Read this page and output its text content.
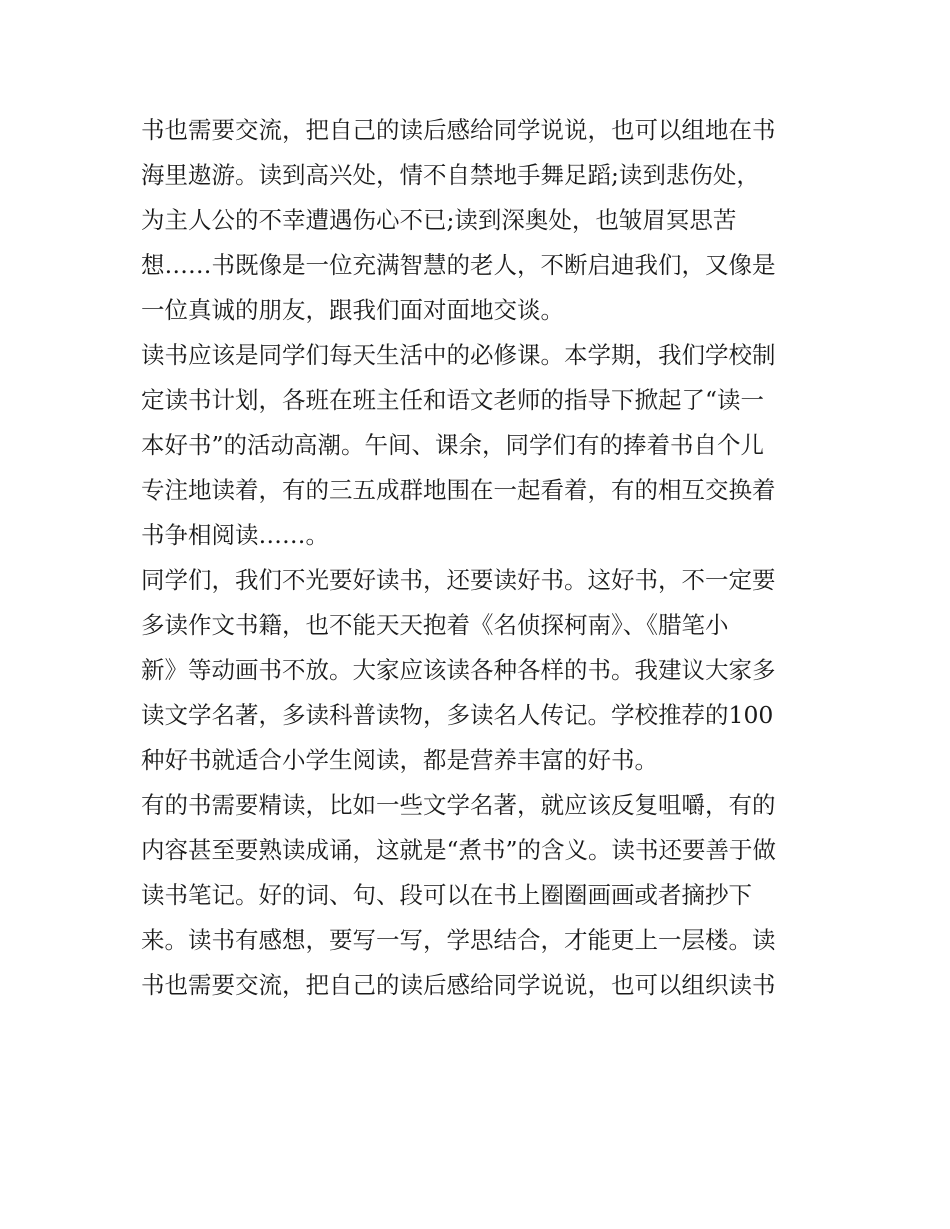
书也需要交流，把自己的读后感给同学说说，也可以组地在书
海里遨游。读到高兴处，情不自禁地手舞足蹈;读到悲伤处，
为主人公的不幸遭遇伤心不已;读到深奥处，也皱眉冥思苦
想……书既像是一位充满智慧的老人，不断启迪我们，又像是
一位真诚的朋友，跟我们面对面地交谈。
读书应该是同学们每天生活中的必修课。本学期，我们学校制
定读书计划，各班在班主任和语文老师的指导下掀起了“读一
本好书”的活动高潮。午间、课余，同学们有的捧着书自个儿
专注地读着，有的三五成群地围在一起看着，有的相互交换着
书争相阅读……。
同学们，我们不光要好读书，还要读好书。这好书，不一定要
多读作文书籍，也不能天天抱着《名侦探柯南》、《腊笔小
新》等动画书不放。大家应该读各种各样的书。我建议大家多
读文学名著，多读科普读物，多读名人传记。学校推荐的100
种好书就适合小学生阅读，都是营养丰富的好书。
有的书需要精读，比如一些文学名著，就应该反复咀嚼，有的
内容甚至要熟读成诵，这就是“煮书”的含义。读书还要善于做
读书笔记。好的词、句、段可以在书上圈圈画画或者摘抄下
来。读书有感想，要写一写，学思结合，才能更上一层楼。读
书也需要交流，把自己的读后感给同学说说，也可以组织读书
